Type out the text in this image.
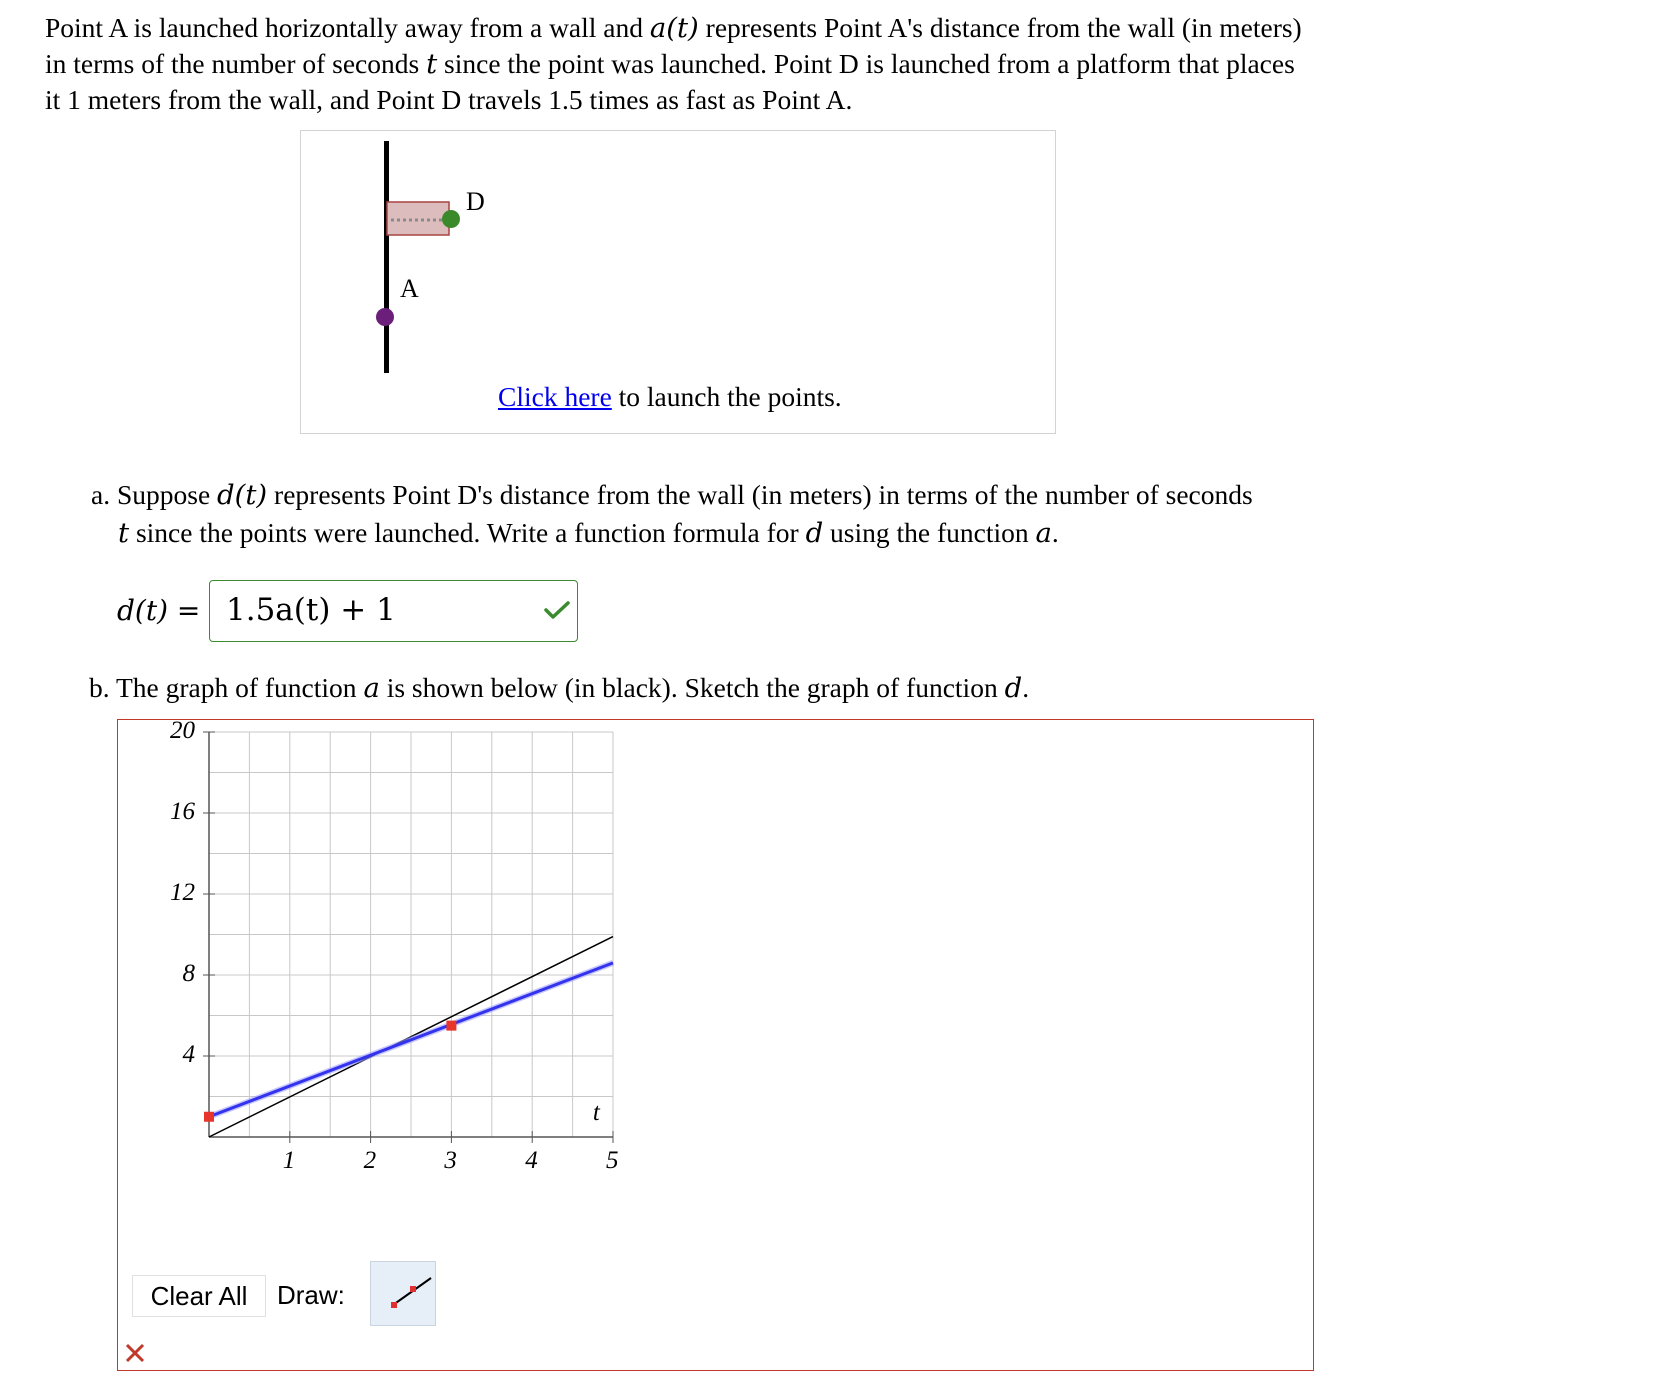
Point A is launched horizontally away from a wall and a(t) represents Point A's distance from the wall (in meters) in terms of the number of seconds t since the point was launched. Point D is launched from a platform that places it 1 meters from the wall, and Point D travels 1.5 times as fast as Point A.
D
A
Click here to launch the points.
a. Suppose d(t) represents Point D's distance from the wall (in meters) in terms of the number of seconds
t since the points were launched. Write a function formula for d using the function a.
d(t) = 1.5a(t) + 1
b. The graph of function a is shown below (in black). Sketch the graph of function d.
1	2	3	4	5
20
16
12
8
4
t
Clear All	Draw:
